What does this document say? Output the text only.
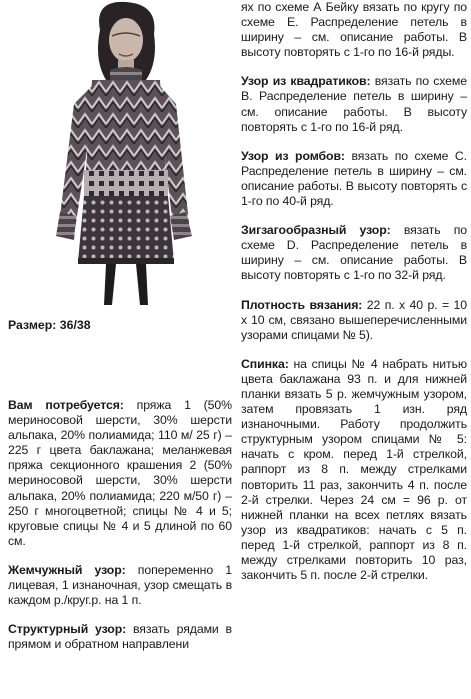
Размер: 36/38

Вам потребуется: пряжа 1 (50% мериносовой шерсти, 30% шерсти альпака, 20% полиамида; 110 м/ 25 г) – 225 г цвета баклажана; меланжевая пряжа секционного крашения 2 (50% мериносовой шерсти, 30% шерсти альпака, 20% полиамида; 220 м/50 г) – 250 г многоцветной; спицы № 4 и 5; круговые спицы № 4 и 5 длиной по 60 см.

Жемчужный узор: попеременно 1 лицевая, 1 изнаночная, узор смещать в каждом р./круг.р. на 1 п.

Структурный узор: вязать рядами в прямом и обратном направлени

ях по схеме А Бейку вязать по кругу по схеме Е. Распределение петель в ширину – см. описание работы. В высоту повторять с 1-го по 16-й ряды.

Узор из квадратиков: вязать по схеме В. Распределение петель в ширину – см. описание работы. В высоту повторять с 1-го по 16-й ряд.

Узор из ромбов: вязать по схеме С. Распределение петель в ширину – см. описание работы. В высоту повторять с 1-го по 40-й ряд.

Зигзагообразный узор: вязать по схеме D. Распределение петель в ширину – см. описание работы. В высоту повторять с 1-го по 32-й ряд.

Плотность вязания: 22 п. х 40 р. = 10 х 10 см, связано вышеперечисленными узорами спицами № 5).

Спинка: на спицы № 4 набрать нитью цвета баклажана 93 п. и для нижней планки вязать 5 р. жемчужным узором, затем провязать 1 изн. ряд изнаночными. Работу продолжить структурным узором спицами № 5: начать с кром. перед 1-й стрелкой, раппорт из 8 п. между стрелками повторить 11 раз, закончить 4 п. после 2-й стрелки. Через 24 см = 96 р. от нижней планки на всех петлях вязать узор из квадратиков: начать с 5 п. перед 1-й стрелкой, раппорт из 8 п. между стрелками повторить 10 раз, закончить 5 п. после 2-й стрелки.
